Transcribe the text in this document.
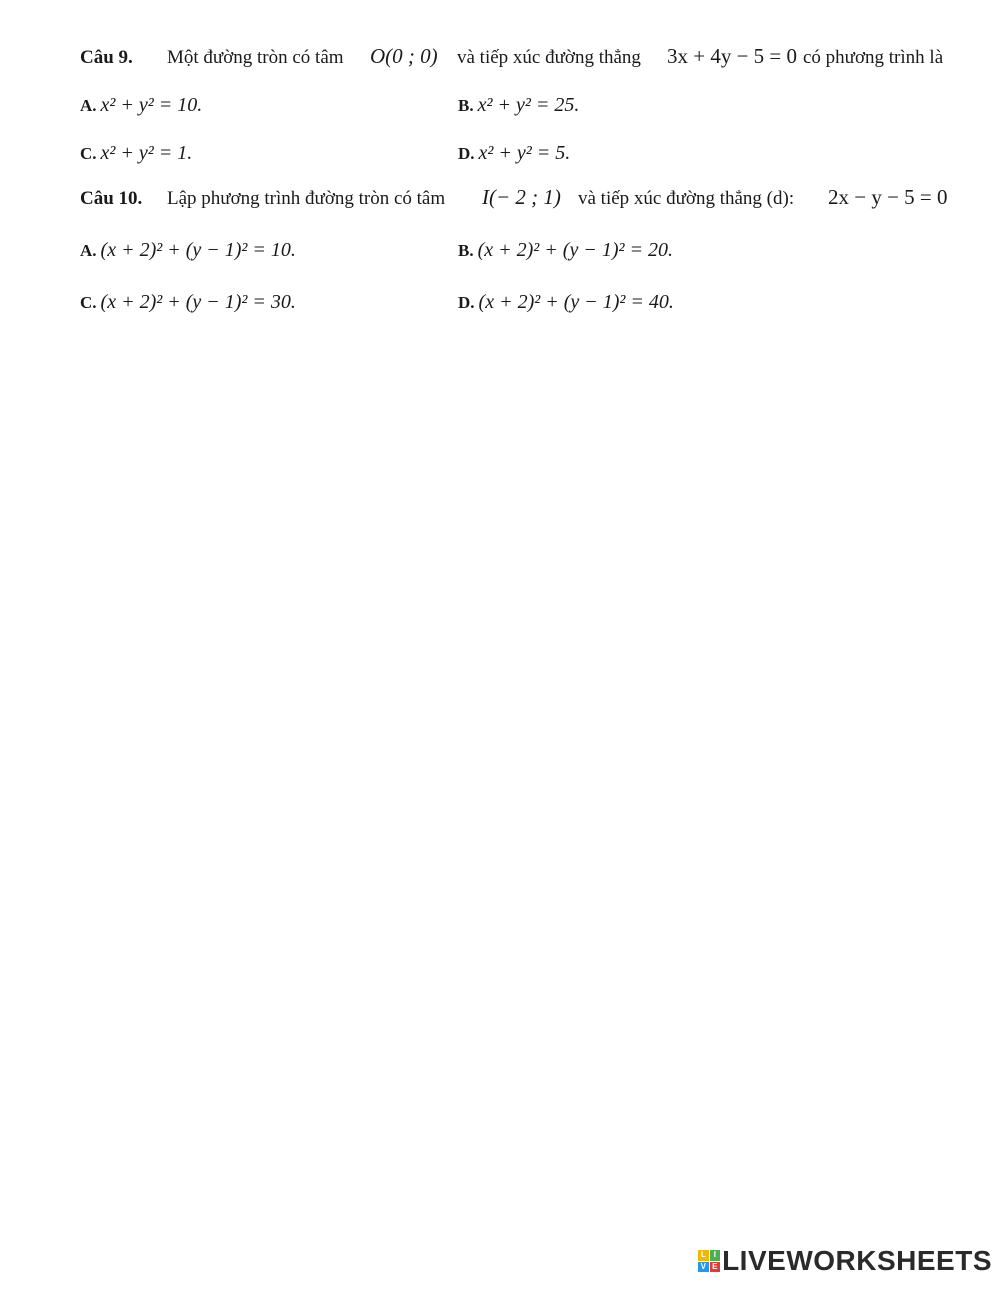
Câu 9. Một đường tròn có tâm O(0 ; 0) và tiếp xúc đường thẳng 3x + 4y − 5 = 0 có phương trình là
A. x² + y² = 10.	B. x² + y² = 25.
C. x² + y² = 1.	D. x² + y² = 5.
Câu 10. Lập phương trình đường tròn có tâm I(− 2 ; 1) và tiếp xúc đường thẳng (d): 2x − y − 5 = 0
A. (x + 2)² + (y − 1)² = 10.	B. (x + 2)² + (y − 1)² = 20.
C. (x + 2)² + (y − 1)² = 30.	D. (x + 2)² + (y − 1)² = 40.
L I
V E LIVEWORKSHEETS
